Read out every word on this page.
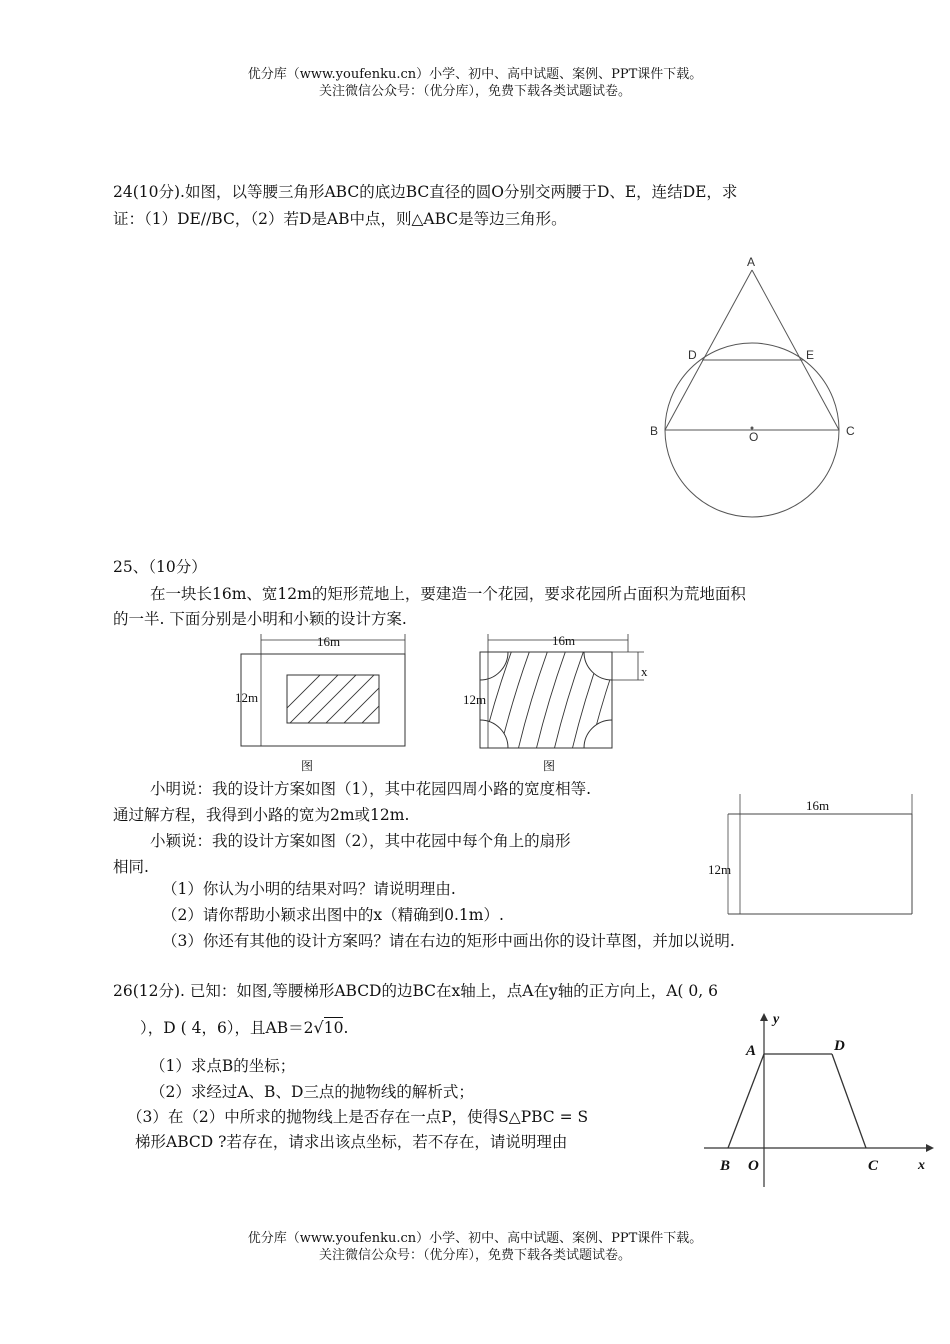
优分库（www.youfenku.cn）小学、初中、高中试题、案例、PPT课件下载。
关注微信公众号：（优分库），免费下载各类试题试卷。
24(10分).如图，以等腰三角形ABC的底边BC直径的圆O分别交两腰于D、E，连结DE，求
证：（1）DE//BC，（2）若D是AB中点，则△ABC是等边三角形。
A
B	C
D	E
O
25、（10分）
在一块长16m、宽12m的矩形荒地上，要建造一个花园，要求花园所占面积为荒地面积
的一半. 下面分别是小明和小颖的设计方案.
16m
12m
图
16m
12m
x
图
小明说：我的设计方案如图（1），其中花园四周小路的宽度相等.
通过解方程，我得到小路的宽为2m或12m.
小颖说：我的设计方案如图（2），其中花园中每个角上的扇形
相同.
16m
12m
（1）你认为小明的结果对吗？请说明理由.
（2）请你帮助小颖求出图中的x（精确到0.1m）.
（3）你还有其他的设计方案吗？请在右边的矩形中画出你的设计草图，并加以说明.
26(12分). 已知：如图,等腰梯形ABCD的边BC在x轴上，点A在y轴的正方向上，A( 0, 6
），D ( 4，6），且AB＝2√10.
（1）求点B的坐标；
（2）求经过A、B、D三点的抛物线的解析式；
（3）在（2）中所求的抛物线上是否存在一点P，使得S△PBC = S
梯形ABCD ?若存在，请求出该点坐标，若不存在，请说明理由
y
x
A	D
B O	C
优分库（www.youfenku.cn）小学、初中、高中试题、案例、PPT课件下载。
关注微信公众号：（优分库），免费下载各类试题试卷。
